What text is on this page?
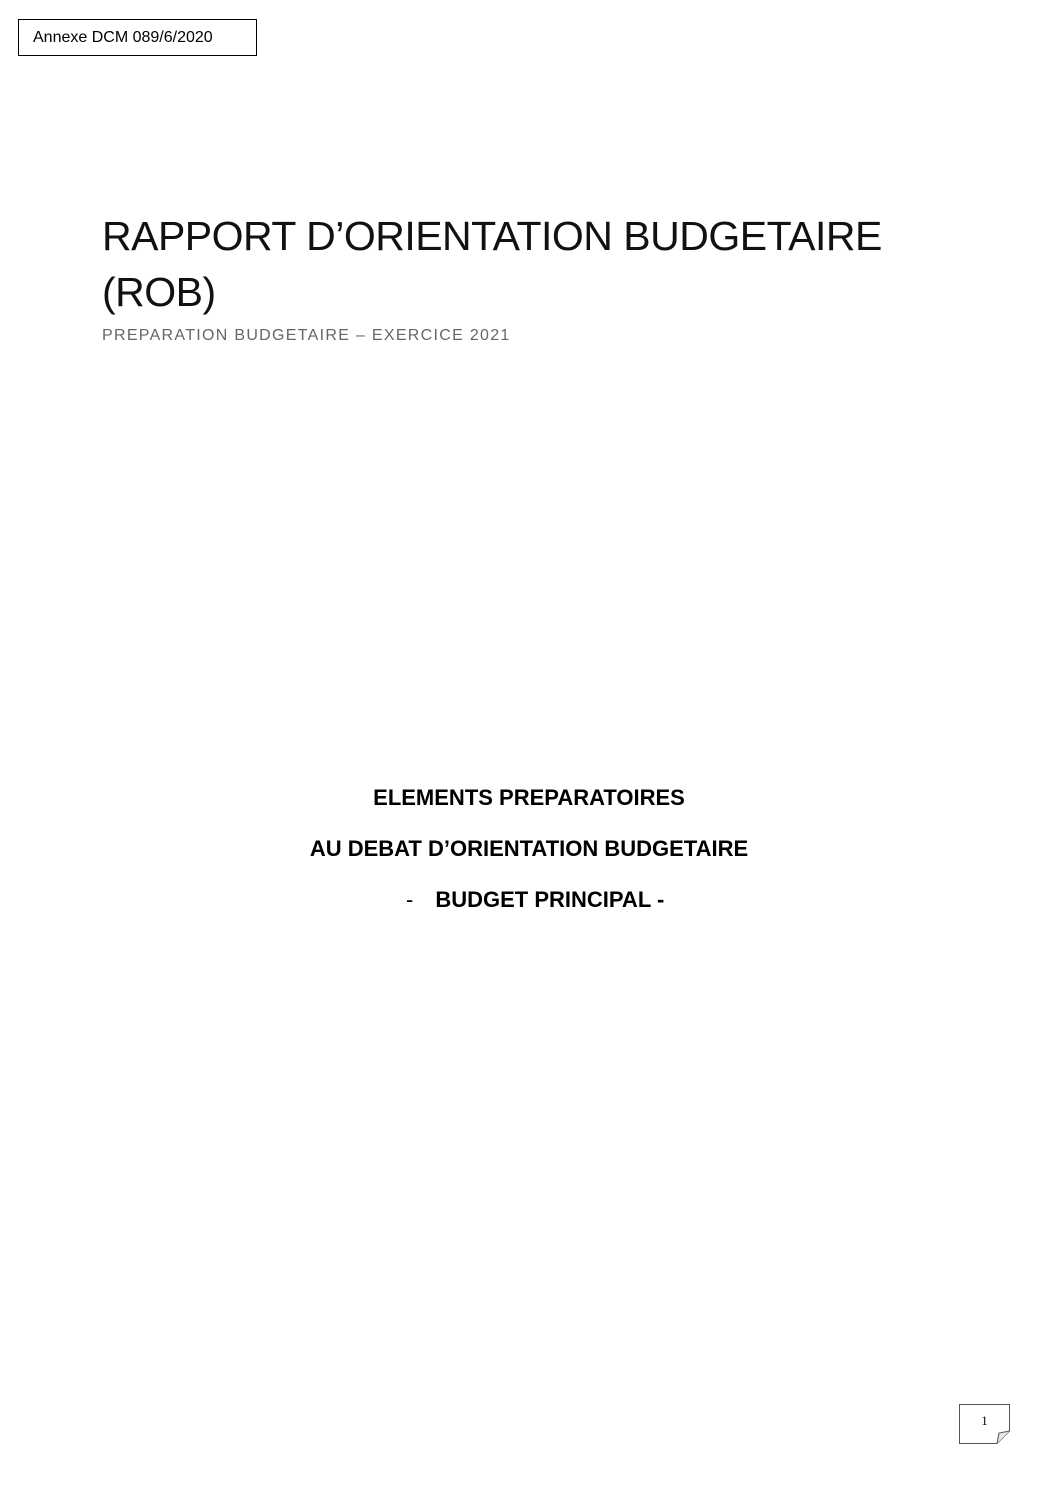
Annexe DCM 089/6/2020
RAPPORT D’ORIENTATION BUDGETAIRE
(ROB)
PREPARATION BUDGETAIRE – EXERCICE 2021
ELEMENTS PREPARATOIRES
AU DEBAT D’ORIENTATION BUDGETAIRE
- BUDGET PRINCIPAL -
1
